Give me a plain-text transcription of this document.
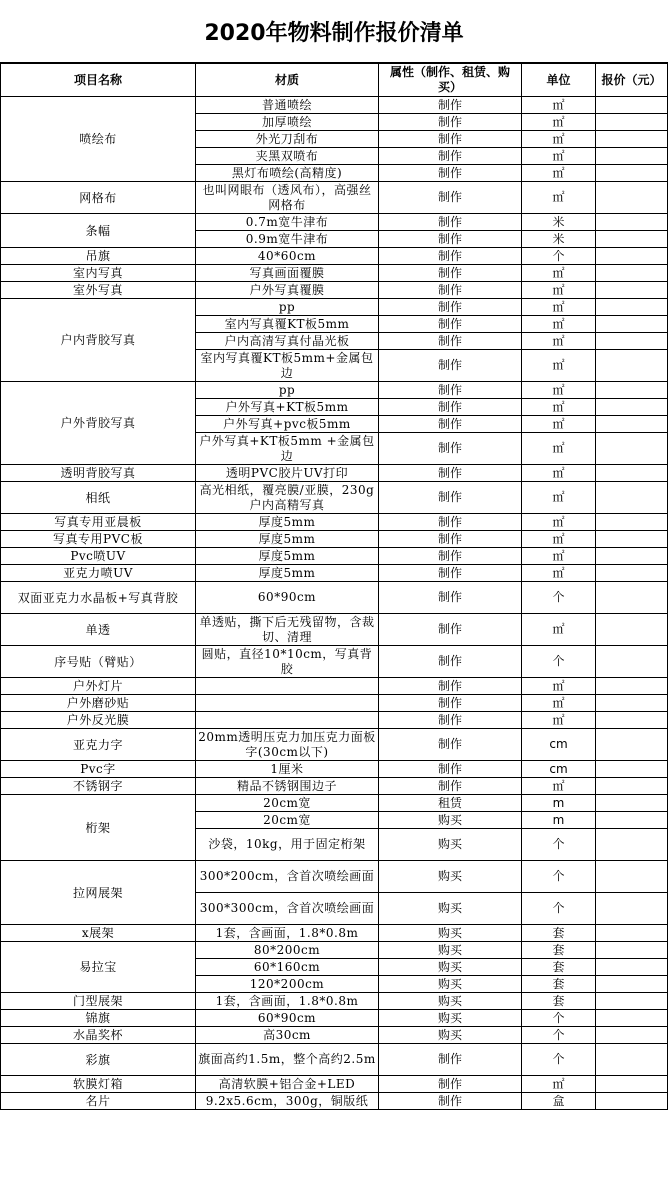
2020年物料制作报价清单
项目名称	材质	属性（制作、租赁、购买）	单位	报价（元）
喷绘布	普通喷绘	制作	㎡	
	加厚喷绘	制作	㎡	
	外光刀刮布	制作	㎡	
	夹黑双喷布	制作	㎡	
	黑灯布喷绘(高精度)	制作	㎡	
网格布	也叫网眼布（透风布），高强丝网格布	制作	㎡	
条幅	0.7m宽牛津布	制作	米	
	0.9m宽牛津布	制作	米	
吊旗	40*60cm	制作	个	
室内写真	写真画面覆膜	制作	㎡	
室外写真	户外写真覆膜	制作	㎡	
户内背胶写真	pp	制作	㎡	
	室内写真覆KT板5mm	制作	㎡	
	户内高清写真付晶光板	制作	㎡	
	室内写真覆KT板5mm+金属包边	制作	㎡	
户外背胶写真	pp	制作	㎡	
	户外写真+KT板5mm	制作	㎡	
	户外写真+pvc板5mm	制作	㎡	
	户外写真+KT板5mm +金属包边	制作	㎡	
透明背胶写真	透明PVC胶片UV打印	制作	㎡	
相纸	高光相纸，覆亮膜/亚膜，230g户内高精写真	制作	㎡	
写真专用亚晨板	厚度5mm	制作	㎡	
写真专用PVC板	厚度5mm	制作	㎡	
Pvc喷UV	厚度5mm	制作	㎡	
亚克力喷UV	厚度5mm	制作	㎡	
双面亚克力水晶板+写真背胶	60*90cm	制作	个	
单透	单透贴，撕下后无残留物，含裁切、清理	制作	㎡	
序号贴（臂贴）	圆贴，直径10*10cm，写真背胶	制作	个	
户外灯片		制作	㎡	
户外磨砂贴		制作	㎡	
户外反光膜		制作	㎡	
亚克力字	20mm透明压克力加压克力面板字(30cm以下)	制作	cm	
Pvc字	1厘米	制作	cm	
不锈钢字	精品不锈钢围边子	制作	㎡	
桁架	20cm宽	租赁	m	
	20cm宽	购买	m	
	沙袋，10kg，用于固定桁架	购买	个	
拉网展架	300*200cm，含首次喷绘画面	购买	个	
	300*300cm，含首次喷绘画面	购买	个	
x展架	1套，含画面，1.8*0.8m	购买	套	
易拉宝	80*200cm	购买	套	
	60*160cm	购买	套	
	120*200cm	购买	套	
门型展架	1套，含画面，1.8*0.8m	购买	套	
锦旗	60*90cm	购买	个	
水晶奖杯	高30cm	购买	个	
彩旗	旗面高约1.5m，整个高约2.5m	制作	个	
软膜灯箱	高清软膜+铝合金+LED	制作	㎡	
名片	9.2x5.6cm，300g，铜版纸	制作	盒	
